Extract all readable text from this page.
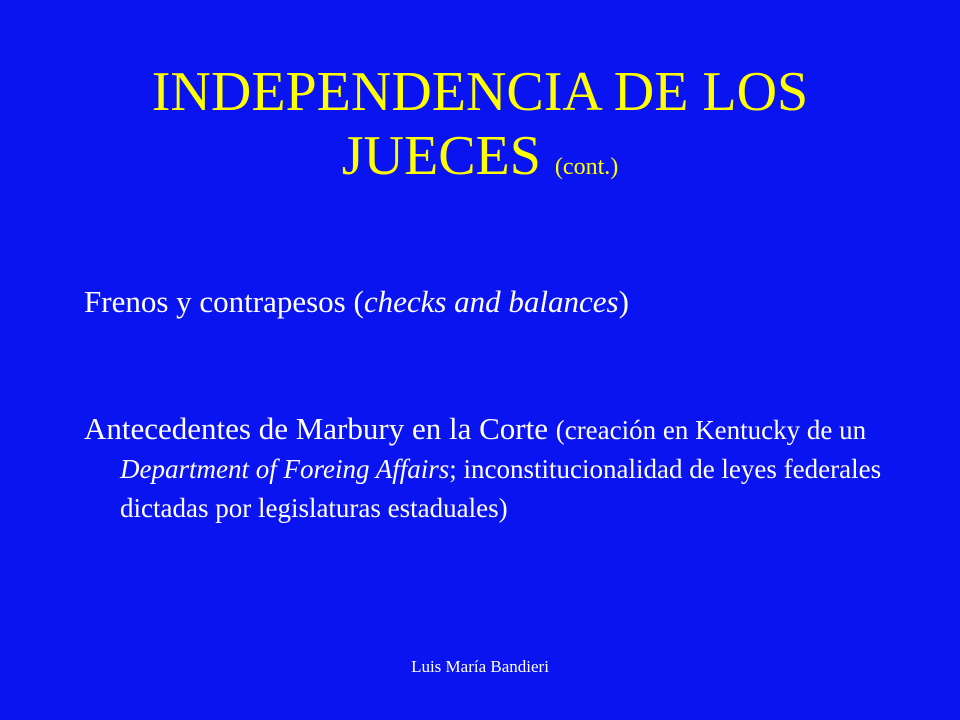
INDEPENDENCIA DE LOS
JUECES (cont.)

Frenos y contrapesos (checks and balances)

Antecedentes de Marbury en la Corte (creación en Kentucky de un Department of Foreing Affairs; inconstitucionalidad de leyes federales dictadas por legislaturas estaduales)

Luis María Bandieri
